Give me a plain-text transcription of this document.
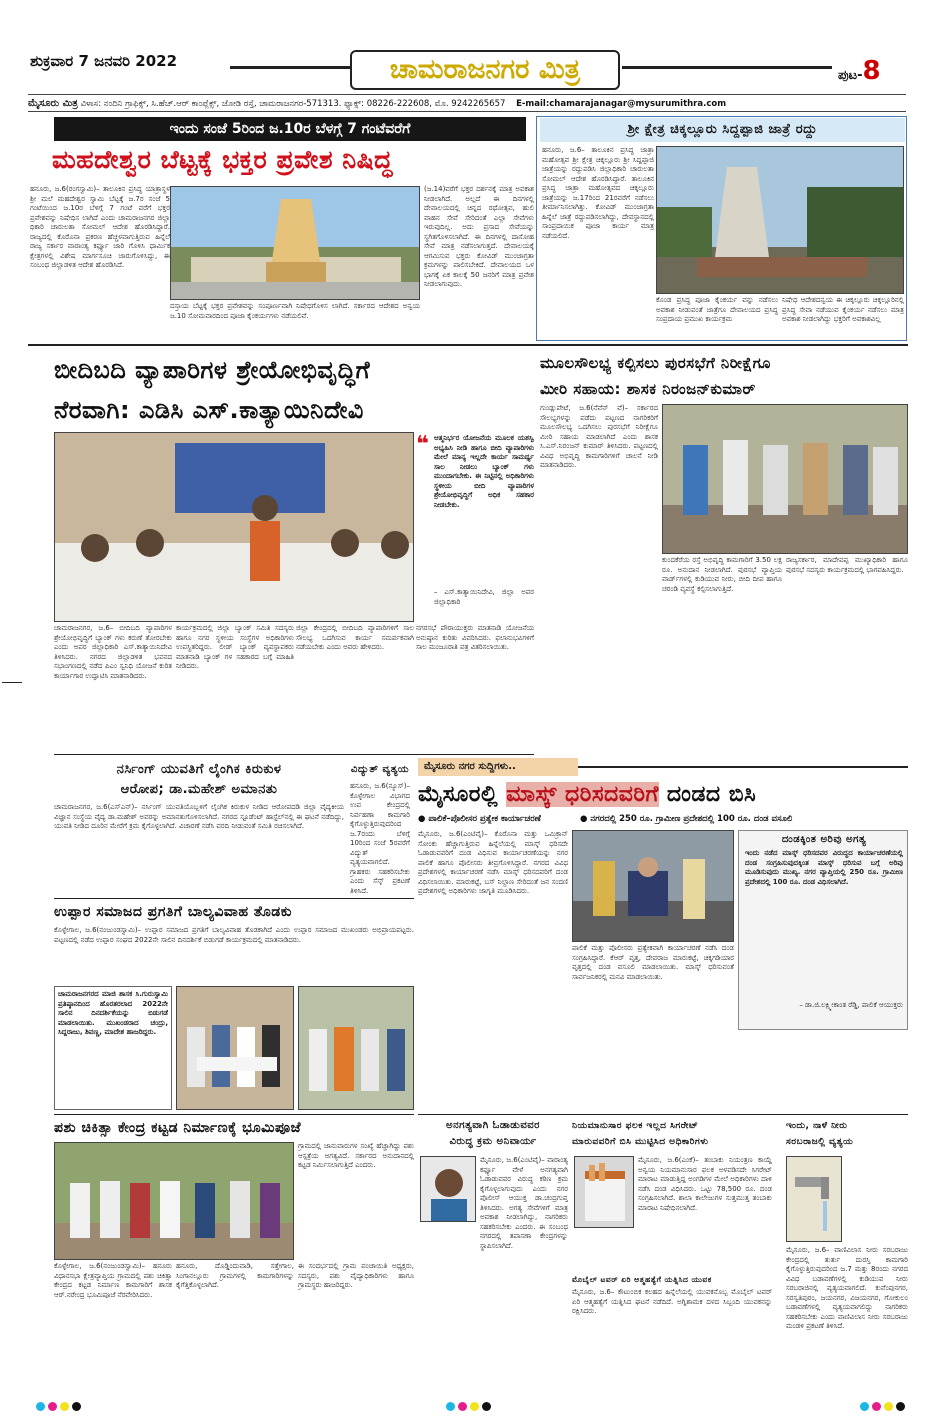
ಶುಕ್ರವಾರ 7 ಜನವರಿ 2022	ಚಾಮರಾಜನಗರ ಮಿತ್ರ	ಪುಟ-8
ಮೈಸೂರು ಮಿತ್ರ ವಿಳಾಸ: ನಂದಿನಿ ಗ್ರಾಫಿಕ್ಸ್, ಸಿ.ಹೆಚ್.ಆರ್ ಕಾಂಪ್ಲೆಕ್ಸ್, ಜೋಡಿ ರಸ್ತೆ, ಚಾಮರಾಜನಗರ-571313. ಫ್ಯಾಕ್ಸ್: 08226-222608, ಮೊ. 9242265657 E-mail:chamarajanagar@mysurumithra.com
ಇಂದು ಸಂಜೆ 5ರಿಂದ ಜ.10ರ ಬೆಳಗ್ಗೆ 7 ಗಂಟೆವರೆಗೆ
ಮಹದೇಶ್ವರ ಬೆಟ್ಟಕ್ಕೆ ಭಕ್ತರ ಪ್ರವೇಶ ನಿಷಿದ್ಧ
ಹನೂರು, ಜ.6(ರಂಗಸ್ವಾಮಿ)– ತಾಲೂಕಿನ ಪ್ರಸಿದ್ಧ ಯಾತ್ರಾಸ್ಥಳ ಶ್ರೀ ಮಲೆ ಮಹದೇಶ್ವರ ಸ್ವಾಮಿ ಬೆಟ್ಟಕ್ಕೆ ಜ.7ರ ಸಂಜೆ 5 ಗಂಟೆಯಿಂದ ಜ.10ರ ಬೆಳಿಗ್ಗೆ 7 ಗಂಟೆ ವರೆಗೆ ಭಕ್ತರ ಪ್ರವೇಶವನ್ನು ನಿಷೇಧಿಸ ಲಾಗಿದೆ ಎಂದು ಚಾಮರಾಜನಗರ ಜಿಲ್ಲಾ ಧಿಕಾರಿ ಚಾರುಲತಾ ಸೋಮಲ್ ಆದೇಶ ಹೊರಡಿಸಿದ್ದಾರೆ. ರಾಜ್ಯದಲ್ಲಿ ಕೊರೊನಾ ಪ್ರಕರಣ ಹೆಚ್ಚಳವಾಗುತ್ತಿರುವ ಹಿನ್ನೆಲೆ ರಾಜ್ಯ ಸರ್ಕಾರ ವಾರಾಂತ್ಯ ಕರ್ಫ್ಯೂ ಜಾರಿ ಗೊಳಿಸಿ ಧಾರ್ಮಿಕ ಕ್ಷೇತ್ರಗಳಲ್ಲಿ ವಿಶೇಷ ಮಾರ್ಗಸೂಚಿ ಜಾರುಗೊಳಿಸಿದ್ದು, ಈ ಸಂಬಂಧ ಜಿಲ್ಲಾಡಳಿತ ಆದೇಶ ಹೊರಡಿಸಿದೆ.
ದಸ್ತಾಯ ಬೆಟ್ಟಕ್ಕೆ ಭಕ್ತರ ಪ್ರವೇಶವನ್ನು ಸಂಪೂರ್ಣವಾಗಿ ನಿಷೇಧಗೊಳಿಸ ಲಾಗಿದೆ. ಸರ್ಕಾರದ ಆದೇಶದ ಅನ್ವಯ ಜ.10 ಸೋಮವಾರದಿಂದ ಪೂಜಾ ಕೈಂಕರ್ಯಗಳು ನಡೆಯಲಿವೆ.
(ಜ.14)ವರೆಗೆ ಭಕ್ತರ ದರ್ಶನಕ್ಕೆ ಮಾತ್ರ ಅವಕಾಶ ನೀಡಲಾಗಿದೆ. ಅಲ್ಲದೆ ಈ ದಿನಗಳಲ್ಲಿ ದೇವಾಲಯದಲ್ಲಿ ಚಿನ್ನದ ರಥೋತ್ಸವ, ಹುಲಿ ವಾಹನ ಸೇವೆ ಸೇರಿದಂತೆ ಎಲ್ಲಾ ಸೇವೆಗಳು ಇರುವುದಿಲ್ಲ. ಅದು ಪ್ರಸಾದ ಸೇವೆಯನ್ನು ಸ್ಥಗಿತಗೊಳಿಸಲಾಗಿದೆ. ಈ ದಿನಗಳಲ್ಲಿ ದಾಸೋಹ ಸೇವೆ ಮಾತ್ರ ನಡೆಸಲಾಗುತ್ತದೆ. ದೇವಾಲಯಕ್ಕೆ ಆಗಮಿಸುವ ಭಕ್ತರು ಕೋವಿಡ್ ಮುಂಜಾಗ್ರತಾ ಕ್ರಮಗಳನ್ನು ಪಾಲಿಸಬೇಕಿದೆ. ದೇವಾಲಯದ ಒಳ ಭಾಗಕ್ಕೆ ಏಕ ಕಾಲಕ್ಕೆ 50 ಜನರಿಗೆ ಮಾತ್ರ ಪ್ರವೇಶ ನೀಡಲಾಗುವುದು.
ಶ್ರೀ ಕ್ಷೇತ್ರ ಚಿಕ್ಕಲ್ಲೂರು ಸಿದ್ದಪ್ಪಾಜಿ ಜಾತ್ರೆ ರದ್ದು
ಹನೂರು, ಜ.6– ತಾಲೂಕಿನ ಪ್ರಸಿದ್ಧ ಜಾತ್ರಾ ಮಹೋತ್ಸವ ಶ್ರೀ ಕ್ಷೇತ್ರ ಚಿಕ್ಕಲ್ಲೂರು ಶ್ರೀ ಸಿದ್ದಪ್ಪಾಜಿ ಜಾತ್ರೆಯನ್ನು ರದ್ದುಪಡಿಸಿ ಜಿಲ್ಲಾಧಿಕಾರಿ ಚಾರುಲತಾ ಸೋಮಲ್ ಆದೇಶ ಹೊರಡಿಸಿದ್ದಾರೆ. ತಾಲೂಕಿನ ಪ್ರಸಿದ್ಧ ಜಾತ್ರಾ ಮಹೋತ್ಸವದ ಚಿಕ್ಕಲ್ಲೂರು ಜಾತ್ರೆಯನ್ನು ಜ.17ರಿಂದ 21ರವರೆಗೆ ನಡೆಸಲು ತೀರ್ಮಾನಿಸಲಾಗಿತ್ತು. ಕೋವಿಡ್ ಮುಂಜಾಗ್ರತಾ ಹಿನ್ನೆಲೆ ಜಾತ್ರೆ ರದ್ದುಪಡಿಸಲಾಗಿದ್ದು, ದೇವಸ್ಥಾನದಲ್ಲಿ ಸಾಂಪ್ರದಾಯಿಕ ಪೂಜಾ ಕಾರ್ಯ ಮಾತ್ರ ನಡೆಯಲಿದೆ.
ಕೊಂಡ ಪ್ರಸಿದ್ಧ ಪೂಜಾ ಕೈಂಕರ್ಯ ವನ್ನು ನಡೆಸಲು ಅವಕಾಶ ನೀಡುವಂತೆ ಜಾತ್ರೆಗೂ ದೇವಾಲಯದ ಪ್ರಸಿದ್ಧ ಸಂಪ್ರದಾಯ ಪ್ರಮುಖ ಕಾರ್ಯಕ್ರಮ
ನಿಷೇಧ ಆದೇಶದನ್ವಯ ಈ ಚಿಕ್ಕಲ್ಲೂರು ಚಿಕ್ಕಲ್ಲೂರಿನಲ್ಲಿ ಪ್ರಸಿದ್ಧ ಸೇವಾ ನಡೆಯುವ ಕೈಂಕರ್ಯ ನಡೆಸಲು ಮಾತ್ರ ಅವಕಾಶ ನೀಡಲಾಗಿದ್ದು ಭಕ್ತರಿಗೆ ಅವಕಾಶವಿಲ್ಲ
ಬೀದಿಬದಿ ವ್ಯಾಪಾರಿಗಳ ಶ್ರೇಯೋಭಿವೃದ್ಧಿಗೆ
ನೆರವಾಗಿ: ಎಡಿಸಿ ಎಸ್.ಕಾತ್ಯಾಯಿನಿದೇವಿ
❝ ಆತ್ಮನಿರ್ಭರ ಯೋಜನೆಯ ಮೂಲಕ ಯಶಸ್ವಿ ಅಭ್ಯಹಿಸಿ ನೀಡಿ ಹಾಗೂ ಬೀದಿ ವ್ಯಾಪಾರಿಗಳು ಮೇಲೆ ಮಾನ್ಯ ಇಲ್ಲದೇ ಕಾರ್ಯ ಸಾಮರ್ಥ್ಯ ಸಾಲ ನೀಡಲು ಬ್ಯಾಂಕ್ ಗಳು ಮುಂದಾಗಬೇಕು. ಈ ನಿಟ್ಟಿನಲ್ಲಿ ಅಧಿಕಾರಿಗಳು ಸ್ಥಳೀಯ ಬೀದಿ ವ್ಯಾಪಾರಿಗಳ ಶ್ರೇಯೋಭಿವೃದ್ಧಿಗೆ ಅಧಿಕ ಸಹಕಾರ ನೀಡಬೇಕು.
– ಎಸ್.ಕಾತ್ಯಾಯಿನಿದೇವಿ, ಜಿಲ್ಲಾ ಅಪರ ಜಿಲ್ಲಾಧಿಕಾರಿ
ಚಾಮರಾಜನಗರ, ಜ.6– ಬೀದಿಬದಿ ವ್ಯಾಪಾರಿಗಳ ಶ್ರೇಯೋಭಿವೃದ್ಧಿಗೆ ಬ್ಯಾಂಕ್ ಗಳು ಕರುಣೆ ತೋರಬೇಕು ಎಂದು ಅಪರ ಜಿಲ್ಲಾಧಿಕಾರಿ ಎಸ್.ಕಾತ್ಯಾಯಿನಿದೇವಿ ತಿಳಿಸಿದರು. ನಗರದ ಜಿಲ್ಲಾಡಳಿತ ಭವನದ ಸಭಾಂಗಣದಲ್ಲಿ ನಡೆದ ಪಿಎಂ ಸ್ವನಿಧಿ ಯೋಜನೆ ಕುರಿತ ಕಾರ್ಯಾಗಾರ ಉದ್ಘಾಟಿಸಿ ಮಾತನಾಡಿದರು.
ಕಾರ್ಯಕ್ರಮದಲ್ಲಿ ಜಿಲ್ಲಾ ಬ್ಯಾಂಕ್ ಸಮಿತಿ ಸದಸ್ಯರು ಹಾಗೂ ನಗರ ಸ್ಥಳೀಯ ಸಂಸ್ಥೆಗಳ ಅಧಿಕಾರಿಗಳು ಉಪಸ್ಥಿತರಿದ್ದರು. ಲೀಡ್ ಬ್ಯಾಂಕ್ ವ್ಯವಸ್ಥಾಪಕರು ಮಾತನಾಡಿ ಬ್ಯಾಂಕ್ ಗಳ ಸಹಕಾರದ ಬಗ್ಗೆ ಮಾಹಿತಿ ನೀಡಿದರು.
ಜಿಲ್ಲಾ ಕೇಂದ್ರದಲ್ಲಿ ಬೀದಿಬದಿ ವ್ಯಾಪಾರಿಗಳಿಗೆ ಸಾಲ ಸೌಲಭ್ಯ ಒದಗಿಸುವ ಕಾರ್ಯ ಸಮರ್ಪಕವಾಗಿ ನಡೆಯಬೇಕು ಎಂದು ಅವರು ಹೇಳಿದರು.
ನಗರಸಭೆ ಪೌರಾಯುಕ್ತರು ಮಾತನಾಡಿ ಯೋಜನೆಯ ಅನುಷ್ಠಾನ ಕುರಿತು ವಿವರಿಸಿದರು. ಫಲಾನುಭವಿಗಳಿಗೆ ಸಾಲ ಮಂಜೂರಾತಿ ಪತ್ರ ವಿತರಿಸಲಾಯಿತು.
ಮೂಲಸೌಲಭ್ಯ ಕಲ್ಪಿಸಲು ಪುರಸಭೆಗೆ ನಿರೀಕ್ಷೆಗೂ
ಮೀರಿ ಸಹಾಯ: ಶಾಸಕ ನಿರಂಜನ್‌ಕುಮಾರ್
ಗುಂಡ್ಲುಪೇಟೆ, ಜ.6(ನೆವೆನ್ ವೆ)– ಸರ್ಕಾರದ ಸೌಲಭ್ಯಗಳನ್ನು ಪಡೆದು ಪಟ್ಟಣದ ನಾಗರಿಕರಿಗೆ ಮೂಲಸೌಲಭ್ಯ ಒದಗಿಸಲು ಪುರಸಭೆಗೆ ನಿರೀಕ್ಷೆಗೂ ಮೀರಿ ಸಹಾಯ ಮಾಡಲಾಗಿದೆ ಎಂದು ಶಾಸಕ ಸಿ.ಎಸ್.ನಿರಂಜನ್ ಕುಮಾರ್ ತಿಳಿಸಿದರು. ಪಟ್ಟಣದಲ್ಲಿ ವಿವಿಧ ಅಭಿವೃದ್ಧಿ ಕಾಮಗಾರಿಗಳಿಗೆ ಚಾಲನೆ ನೀಡಿ ಮಾತನಾಡಿದರು.
ಕುಂದಕೆರೆಯ ರಸ್ತೆ ಅಭಿವೃದ್ಧಿ ಕಾಮಗಾರಿಗೆ 3.50 ಲಕ್ಷ ರೂ. ಅನುದಾನ ನೀಡಲಾಗಿದೆ. ಪುರಸಭೆ ವ್ಯಾಪ್ತಿಯ ವಾರ್ಡ್‌ಗಳಲ್ಲಿ ಕುಡಿಯುವ ನೀರು, ಬೀದಿ ದೀಪ ಹಾಗೂ ಚರಂಡಿ ವ್ಯವಸ್ಥೆ ಕಲ್ಪಿಸಲಾಗುತ್ತಿದೆ.
ರಾಜ್ಯಸರ್ಕಾರ, ಮಾದೇವಪ್ಪ ಮುಖ್ಯಾಧಿಕಾರಿ ಹಾಗೂ ಪುರಸಭೆ ಸದಸ್ಯರು ಕಾರ್ಯಕ್ರಮದಲ್ಲಿ ಭಾಗವಹಿಸಿದ್ದರು.
ನರ್ಸಿಂಗ್ ಯುವತಿಗೆ ಲೈಂಗಿಕ ಕಿರುಕುಳ
ಆರೋಪ; ಡಾ.ಮಹೇಶ್ ಅಮಾನತು
ಚಾಮರಾಜನಗರ, ಜ.6(ಎಸ್‌ಎನ್)– ನರ್ಸಿಂಗ್ ಯುವತಿಯೊಬ್ಬಳಿಗೆ ಲೈಂಗಿಕ ಕಿರುಕುಳ ನೀಡಿದ ಆರೋಪದಡಿ ಜಿಲ್ಲಾ ವೈದ್ಯಕೀಯ ವಿಜ್ಞಾನ ಸಂಸ್ಥೆಯ ವೈದ್ಯ ಡಾ.ಮಹೇಶ್ ಅವರನ್ನು ಅಮಾನತುಗೊಳಿಸಲಾಗಿದೆ. ನಗರದ ಸ್ಟೂಡೆಂಟ್ ಹಾಸ್ಟೆಲ್‌ನಲ್ಲಿ ಈ ಘಟನೆ ನಡೆದಿದ್ದು, ಯುವತಿ ನೀಡಿದ ದೂರಿನ ಮೇರೆಗೆ ಕ್ರಮ ಕೈಗೊಳ್ಳಲಾಗಿದೆ. ವಿಚಾರಣೆ ನಡೆಸಿ ವರದಿ ನೀಡುವಂತೆ ಸಮಿತಿ ರಚಿಸಲಾಗಿದೆ.
ವಿದ್ಯುತ್ ವ್ಯತ್ಯಯ
ಹನೂರು, ಜ.6(ನ್ಯೂಸ್)– ಕೊಳ್ಳೇಗಾಲ ವಿಭಾಗದ ಉಪ ಕೇಂದ್ರದಲ್ಲಿ ನಿರ್ವಹಣಾ ಕಾಮಗಾರಿ ಕೈಗೊಳ್ಳುತ್ತಿರುವುದರಿಂದ ಜ.7ರಂದು ಬೆಳಿಗ್ಗೆ 10ರಿಂದ ಸಂಜೆ 5ರವರೆಗೆ ವಿದ್ಯುತ್ ವ್ಯತ್ಯಯವಾಗಲಿದೆ. ಗ್ರಾಹಕರು ಸಹಕರಿಸಬೇಕು ಎಂದು ಸೆಸ್ಕ್ ಪ್ರಕಟಣೆ ತಿಳಿಸಿದೆ.
ಉಪ್ಪಾರ ಸಮಾಜದ ಪ್ರಗತಿಗೆ ಬಾಲ್ಯವಿವಾಹ ತೊಡಕು
ಕೊಳ್ಳೇಗಾಲ, ಜ.6(ನಂಜುಂಡಸ್ವಾಮಿ)– ಉಪ್ಪಾರ ಸಮಾಜದ ಪ್ರಗತಿಗೆ ಬಾಲ್ಯವಿವಾಹ ತೊಡಕಾಗಿದೆ ಎಂದು ಉಪ್ಪಾರ ಸಮಾಜದ ಮುಖಂಡರು ಅಭಿಪ್ರಾಯಪಟ್ಟರು. ಪಟ್ಟಣದಲ್ಲಿ ನಡೆದ ಉಪ್ಪಾರ ಸಂಘದ 2022ನೇ ಸಾಲಿನ ದಿನದರ್ಶಿಕೆ ಬಿಡುಗಡೆ ಕಾರ್ಯಕ್ರಮದಲ್ಲಿ ಮಾತನಾಡಿದರು.
ಚಾಮರಾಜನಗರದ ಮಾಜಿ ಶಾಸಕ ಸಿ.ಗುರುಸ್ವಾಮಿ ಪ್ರತಿಷ್ಠಾನದಿಂದ ಹೊರತರಲಾದ 2022ನೇ ಸಾಲಿನ ದಿನದರ್ಶಿಕೆಯನ್ನು ಬಿಡುಗಡೆ ಮಾಡಲಾಯಿತು. ಮುಖಂಡರಾದ ಚಂದ್ರು, ಸಿದ್ದರಾಜು, ಶಿವಣ್ಣ, ಮಾದೇಶ ಹಾಜರಿದ್ದರು.
ಪಶು ಚಿಕಿತ್ಸಾ ಕೇಂದ್ರ ಕಟ್ಟಡ ನಿರ್ಮಾಣಕ್ಕೆ ಭೂಮಿಪೂಜೆ
ಕೊಳ್ಳೇಗಾಲ, ಜ.6(ನಂಜುಂಡಸ್ವಾಮಿ)– ಹನೂರು ವಿಧಾನಸಭಾ ಕ್ಷೇತ್ರವ್ಯಾಪ್ತಿಯ ಗ್ರಾಮದಲ್ಲಿ ಪಶು ಚಿಕಿತ್ಸಾ ಕೇಂದ್ರದ ಕಟ್ಟಡ ನಿರ್ಮಾಣ ಕಾಮಗಾರಿಗೆ ಶಾಸಕ ಆರ್.ನರೇಂದ್ರ ಭೂಮಿಪೂಜೆ ನೆರವೇರಿಸಿದರು.
ಗ್ರಾಮದಲ್ಲಿ ಜಾನುವಾರುಗಳ ಸಂಖ್ಯೆ ಹೆಚ್ಚಾಗಿದ್ದು ಪಶು ಆಸ್ಪತ್ರೆಯ ಅಗತ್ಯವಿದೆ. ಸರ್ಕಾರದ ಅನುದಾನದಲ್ಲಿ ಕಟ್ಟಡ ನಿರ್ಮಿಸಲಾಗುತ್ತಿದೆ ಎಂದರು.
ಹನೂರು, ದೊಡ್ಡಿಂದುವಾಡಿ, ಸತ್ತೇಗಾಲ, ಸಿಂಗಾನಲ್ಲೂರು ಗ್ರಾಮಗಳಲ್ಲಿ ಕಾಮಗಾರಿಗಳನ್ನು ಕೈಗೆತ್ತಿಕೊಳ್ಳಲಾಗಿದೆ.
ಈ ಸಂದರ್ಭದಲ್ಲಿ ಗ್ರಾಮ ಪಂಚಾಯಿತಿ ಅಧ್ಯಕ್ಷರು, ಸದಸ್ಯರು, ಪಶು ವೈದ್ಯಾಧಿಕಾರಿಗಳು ಹಾಗೂ ಗ್ರಾಮಸ್ಥರು ಹಾಜರಿದ್ದರು.
ಮೈಸೂರು ನಗರ ಸುದ್ದಿಗಳು..
ಮೈಸೂರಲ್ಲಿ ಮಾಸ್ಕ್ ಧರಿಸದವರಿಗೆ ದಂಡದ ಬಿಸಿ
● ಪಾಲಿಕೆ–ಪೊಲೀಸರ ಪ್ರತ್ಯೇಕ ಕಾರ್ಯಾಚರಣೆ	● ನಗರದಲ್ಲಿ 250 ರೂ. ಗ್ರಾಮೀಣ ಪ್ರದೇಶದಲ್ಲಿ 100 ರೂ. ದಂಡ ವಸೂಲಿ
ಮೈಸೂರು, ಜ.6(ಎಂಟಿವೈ)– ಕೊರೊನಾ ಮತ್ತು ಒಮಿಕ್ರಾನ್ ಸೋಂಕು ಹೆಚ್ಚಾಗುತ್ತಿರುವ ಹಿನ್ನೆಲೆಯಲ್ಲಿ ಮಾಸ್ಕ್ ಧರಿಸದೇ ಓಡಾಡುವವರಿಗೆ ದಂಡ ವಿಧಿಸುವ ಕಾರ್ಯಾಚರಣೆಯನ್ನು ನಗರ ಪಾಲಿಕೆ ಹಾಗೂ ಪೊಲೀಸರು ತೀವ್ರಗೊಳಿಸಿದ್ದಾರೆ. ನಗರದ ವಿವಿಧ ಪ್ರದೇಶಗಳಲ್ಲಿ ಕಾರ್ಯಾಚರಣೆ ನಡೆಸಿ ಮಾಸ್ಕ್ ಧರಿಸದವರಿಗೆ ದಂಡ ವಿಧಿಸಲಾಯಿತು. ಮಾರುಕಟ್ಟೆ, ಬಸ್ ನಿಲ್ದಾಣ ಸೇರಿದಂತೆ ಜನ ಸಂದಣಿ ಪ್ರದೇಶಗಳಲ್ಲಿ ಅಧಿಕಾರಿಗಳು ಜಾಗೃತಿ ಮೂಡಿಸಿದರು.
ಪಾಲಿಕೆ ಮತ್ತು ಪೊಲೀಸರು ಪ್ರತ್ಯೇಕವಾಗಿ ಕಾರ್ಯಾಚರಣೆ ನಡೆಸಿ ದಂಡ ಸಂಗ್ರಹಿಸಿದ್ದಾರೆ. ಕೆಆರ್ ವೃತ್ತ, ದೇವರಾಜ ಮಾರುಕಟ್ಟೆ, ಚಿಕ್ಕಗಡಿಯಾರ ವೃತ್ತದಲ್ಲಿ ದಂಡ ವಸೂಲಿ ಮಾಡಲಾಯಿತು. ಮಾಸ್ಕ್ ಧರಿಸುವಂತೆ ಸಾರ್ವಜನಿಕರಲ್ಲಿ ಮನವಿ ಮಾಡಲಾಯಿತು.
ದಂಡಕ್ಕಿಂತ ಅರಿವು ಅಗತ್ಯ
ಇಂದು ನಡೆದ ಮಾಸ್ಕ್ ಧರಿಸದವರ ವಿರುದ್ಧದ ಕಾರ್ಯಾಚರಣೆಯಲ್ಲಿ ದಂಡ ಸಂಗ್ರಹಿಸುವುದಕ್ಕಿಂತ ಮಾಸ್ಕ್ ಧರಿಸುವ ಬಗ್ಗೆ ಅರಿವು ಮೂಡಿಸುವುದು ಮುಖ್ಯ. ನಗರ ವ್ಯಾಪ್ತಿಯಲ್ಲಿ 250 ರೂ. ಗ್ರಾಮೀಣ ಪ್ರದೇಶದಲ್ಲಿ 100 ರೂ. ದಂಡ ವಿಧಿಸಲಾಗಿದೆ.
– ಡಾ.ಜಿ.ಲಕ್ಷ್ಮೀಕಾಂತ ರೆಡ್ಡಿ, ಪಾಲಿಕೆ ಆಯುಕ್ತರು
ಅನಗತ್ಯವಾಗಿ ಓಡಾಡುವವರ
ವಿರುದ್ಧ ಕ್ರಮ ಅನಿವಾರ್ಯ
ಮೈಸೂರು, ಜ.6(ಎಂಟಿವೈ)– ವಾರಾಂತ್ಯ ಕರ್ಫ್ಯೂ ವೇಳೆ ಅನಗತ್ಯವಾಗಿ ಓಡಾಡುವವರ ವಿರುದ್ಧ ಕಠಿಣ ಕ್ರಮ ಕೈಗೊಳ್ಳಲಾಗುವುದು ಎಂದು ನಗರ ಪೊಲೀಸ್ ಆಯುಕ್ತ ಡಾ.ಚಂದ್ರಗುಪ್ತ ತಿಳಿಸಿದರು. ಅಗತ್ಯ ಸೇವೆಗಳಿಗೆ ಮಾತ್ರ ಅವಕಾಶ ನೀಡಲಾಗಿದ್ದು, ನಾಗರಿಕರು ಸಹಕರಿಸಬೇಕು ಎಂದರು. ಈ ಸಂಬಂಧ ನಗರದಲ್ಲಿ ತಪಾಸಣಾ ಕೇಂದ್ರಗಳನ್ನು ಸ್ಥಾಪಿಸಲಾಗಿದೆ.
ನಿಯಮಾನುಸಾರ ಫಲಕ ಇಲ್ಲದ ಸಿಗರೇಟ್
ಮಾರುವವರಿಗೆ ಬಿಸಿ ಮುಟ್ಟಿಸಿದ ಅಧಿಕಾರಿಗಳು
ಮೈಸೂರು, ಜ.6(ಎಂಕೆ)– ತಂಬಾಕು ನಿಯಂತ್ರಣ ಕಾಯ್ದೆ ಅನ್ವಯ ನಿಯಮಾನುಸಾರ ಫಲಕ ಅಳವಡಿಸದೇ ಸಿಗರೇಟ್ ಮಾರಾಟ ಮಾಡುತ್ತಿದ್ದ ಅಂಗಡಿಗಳ ಮೇಲೆ ಅಧಿಕಾರಿಗಳು ದಾಳಿ ನಡೆಸಿ ದಂಡ ವಿಧಿಸಿದರು. ಒಟ್ಟು 78,500 ರೂ. ದಂಡ ಸಂಗ್ರಹಿಸಲಾಗಿದೆ. ಶಾಲಾ ಕಾಲೇಜುಗಳ ಸುತ್ತಮುತ್ತ ತಂಬಾಕು ಮಾರಾಟ ನಿಷೇಧಿಸಲಾಗಿದೆ.
ಮೊಬೈಲ್ ಟವರ್ ಏರಿ ಆತ್ಮಹತ್ಯೆಗೆ ಯತ್ನಿಸಿದ ಯುವಕ
ಮೈಸೂರು, ಜ.6– ಕೌಟುಂಬಿಕ ಕಲಹದ ಹಿನ್ನೆಲೆಯಲ್ಲಿ ಯುವಕನೊಬ್ಬ ಮೊಬೈಲ್ ಟವರ್ ಏರಿ ಆತ್ಮಹತ್ಯೆಗೆ ಯತ್ನಿಸಿದ ಘಟನೆ ನಡೆದಿದೆ. ಅಗ್ನಿಶಾಮಕ ದಳದ ಸಿಬ್ಬಂದಿ ಯುವಕನನ್ನು ರಕ್ಷಿಸಿದರು.
ಇಂದು, ನಾಳೆ ನೀರು
ಸರಬರಾಜಲ್ಲಿ ವ್ಯತ್ಯಯ
ಮೈಸೂರು, ಜ.6– ವಾಣಿವಿಲಾಸ ನೀರು ಸರಬರಾಜು ಕೇಂದ್ರದಲ್ಲಿ ತುರ್ತು ದುರಸ್ತಿ ಕಾಮಗಾರಿ ಕೈಗೊಳ್ಳುತ್ತಿರುವುದರಿಂದ ಜ.7 ಮತ್ತು 8ರಂದು ನಗರದ ವಿವಿಧ ಬಡಾವಣೆಗಳಲ್ಲಿ ಕುಡಿಯುವ ನೀರು ಸರಬರಾಜಿನಲ್ಲಿ ವ್ಯತ್ಯಯವಾಗಲಿದೆ. ಕುವೆಂಪುನಗರ, ಸರಸ್ವತಿಪುರಂ, ಜಯನಗರ, ವಿಜಯನಗರ, ಗೋಕುಲಂ ಬಡಾವಣೆಗಳಲ್ಲಿ ವ್ಯತ್ಯಯವಾಗಲಿದ್ದು ನಾಗರಿಕರು ಸಹಕರಿಸಬೇಕು ಎಂದು ವಾಣಿವಿಲಾಸ ನೀರು ಸರಬರಾಜು ಮಂಡಳಿ ಪ್ರಕಟಣೆ ತಿಳಿಸಿದೆ.
